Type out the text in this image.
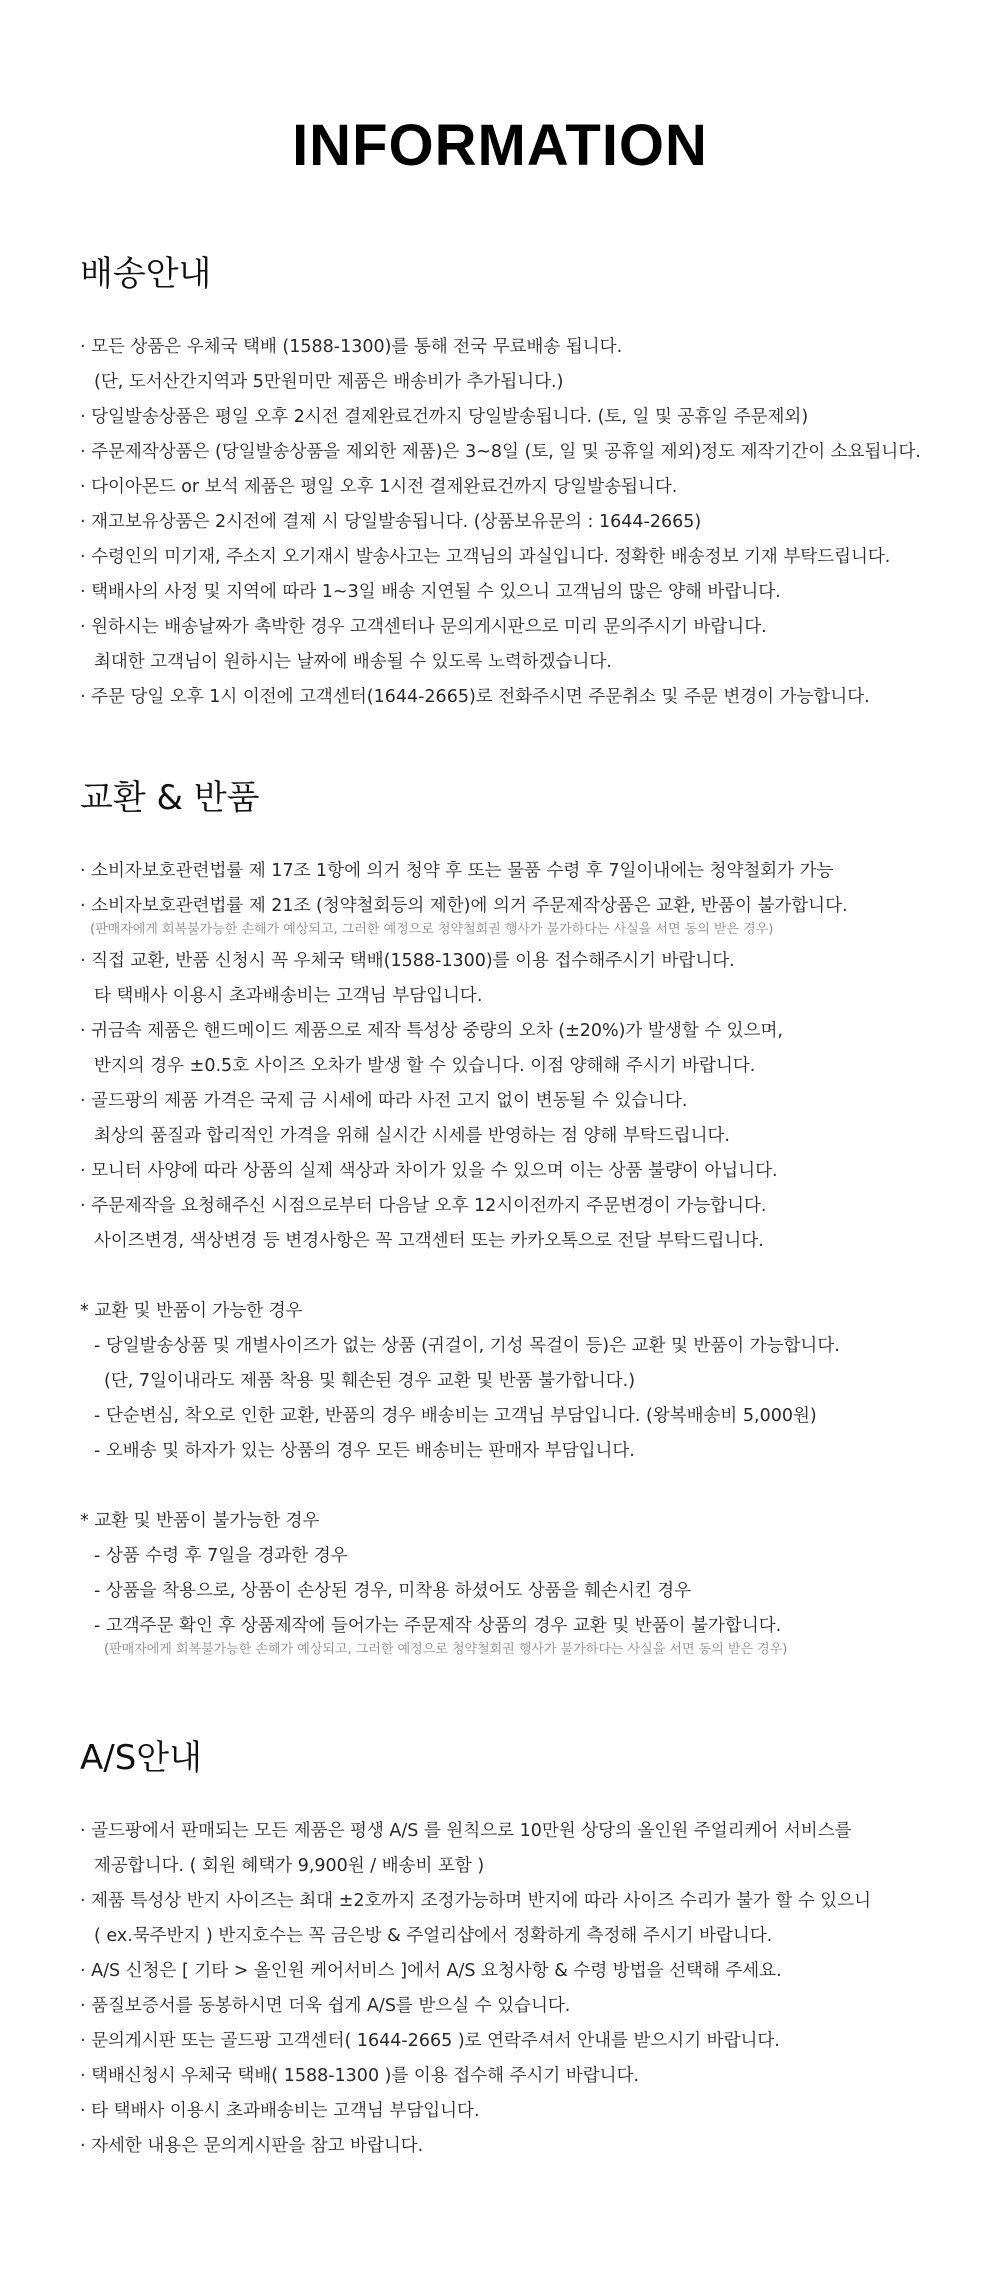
INFORMATION
배송안내
· 모든 상품은 우체국 택배 (1588-1300)를 통해 전국 무료배송 됩니다.
(단, 도서산간지역과 5만원미만 제품은 배송비가 추가됩니다.)
· 당일발송상품은 평일 오후 2시전 결제완료건까지 당일발송됩니다. (토, 일 및 공휴일 주문제외)
· 주문제작상품은 (당일발송상품을 제외한 제품)은 3~8일 (토, 일 및 공휴일 제외)정도 제작기간이 소요됩니다.
· 다이아몬드 or 보석 제품은 평일 오후 1시전 결제완료건까지 당일발송됩니다.
· 재고보유상품은 2시전에 결제 시 당일발송됩니다. (상품보유문의 : 1644-2665)
· 수령인의 미기재, 주소지 오기재시 발송사고는 고객님의 과실입니다. 정확한 배송정보 기재 부탁드립니다.
· 택배사의 사정 및 지역에 따라 1~3일 배송 지연될 수 있으니 고객님의 많은 양해 바랍니다.
· 원하시는 배송날짜가 촉박한 경우 고객센터나 문의게시판으로 미리 문의주시기 바랍니다.
최대한 고객님이 원하시는 날짜에 배송될 수 있도록 노력하겠습니다.
· 주문 당일 오후 1시 이전에 고객센터(1644-2665)로 전화주시면 주문취소 및 주문 변경이 가능합니다.
교환 & 반품
· 소비자보호관련법률 제 17조 1항에 의거 청약 후 또는 물품 수령 후 7일이내에는 청약철회가 가능
· 소비자보호관련법률 제 21조 (청약철회등의 제한)에 의거 주문제작상품은 교환, 반품이 불가합니다.
(판매자에게 회복불가능한 손해가 예상되고, 그러한 예정으로 청약철회권 행사가 불가하다는 사실을 서면 동의 받은 경우)
· 직접 교환, 반품 신청시 꼭 우체국 택배(1588-1300)를 이용 접수해주시기 바랍니다.
타 택배사 이용시 초과배송비는 고객님 부담입니다.
· 귀금속 제품은 핸드메이드 제품으로 제작 특성상 중량의 오차 (±20%)가 발생할 수 있으며,
반지의 경우 ±0.5호 사이즈 오차가 발생 할 수 있습니다. 이점 양해해 주시기 바랍니다.
· 골드팡의 제품 가격은 국제 금 시세에 따라 사전 고지 없이 변동될 수 있습니다.
최상의 품질과 합리적인 가격을 위해 실시간 시세를 반영하는 점 양해 부탁드립니다.
· 모니터 사양에 따라 상품의 실제 색상과 차이가 있을 수 있으며 이는 상품 불량이 아닙니다.
· 주문제작을 요청해주신 시점으로부터 다음날 오후 12시이전까지 주문변경이 가능합니다.
사이즈변경, 색상변경 등 변경사항은 꼭 고객센터 또는 카카오톡으로 전달 부탁드립니다.
* 교환 및 반품이 가능한 경우
- 당일발송상품 및 개별사이즈가 없는 상품 (귀걸이, 기성 목걸이 등)은 교환 및 반품이 가능합니다.
(단, 7일이내라도 제품 착용 및 훼손된 경우 교환 및 반품 불가합니다.)
- 단순변심, 착오로 인한 교환, 반품의 경우 배송비는 고객님 부담입니다. (왕복배송비 5,000원)
- 오배송 및 하자가 있는 상품의 경우 모든 배송비는 판매자 부담입니다.
* 교환 및 반품이 불가능한 경우
- 상품 수령 후 7일을 경과한 경우
- 상품을 착용으로, 상품이 손상된 경우, 미착용 하셨어도 상품을 훼손시킨 경우
- 고객주문 확인 후 상품제작에 들어가는 주문제작 상품의 경우 교환 및 반품이 불가합니다.
(판매자에게 회복불가능한 손해가 예상되고, 그러한 예정으로 청약철회권 행사가 불가하다는 사실을 서면 동의 받은 경우)
A/S안내
· 골드팡에서 판매되는 모든 제품은 평생 A/S 를 원칙으로 10만원 상당의 올인원 주얼리케어 서비스를
제공합니다. ( 회원 혜택가 9,900원 / 배송비 포함 )
· 제품 특성상 반지 사이즈는 최대 ±2호까지 조정가능하며 반지에 따라 사이즈 수리가 불가 할 수 있으니
( ex.묵주반지 ) 반지호수는 꼭 금은방 & 주얼리샵에서 정확하게 측정해 주시기 바랍니다.
· A/S 신청은 [ 기타 > 올인원 케어서비스 ]에서 A/S 요청사항 & 수령 방법을 선택해 주세요.
· 품질보증서를 동봉하시면 더욱 쉽게 A/S를 받으실 수 있습니다.
· 문의게시판 또는 골드팡 고객센터( 1644-2665 )로 연락주셔서 안내를 받으시기 바랍니다.
· 택배신청시 우체국 택배( 1588-1300 )를 이용 접수해 주시기 바랍니다.
· 타 택배사 이용시 초과배송비는 고객님 부담입니다.
· 자세한 내용은 문의게시판을 참고 바랍니다.
